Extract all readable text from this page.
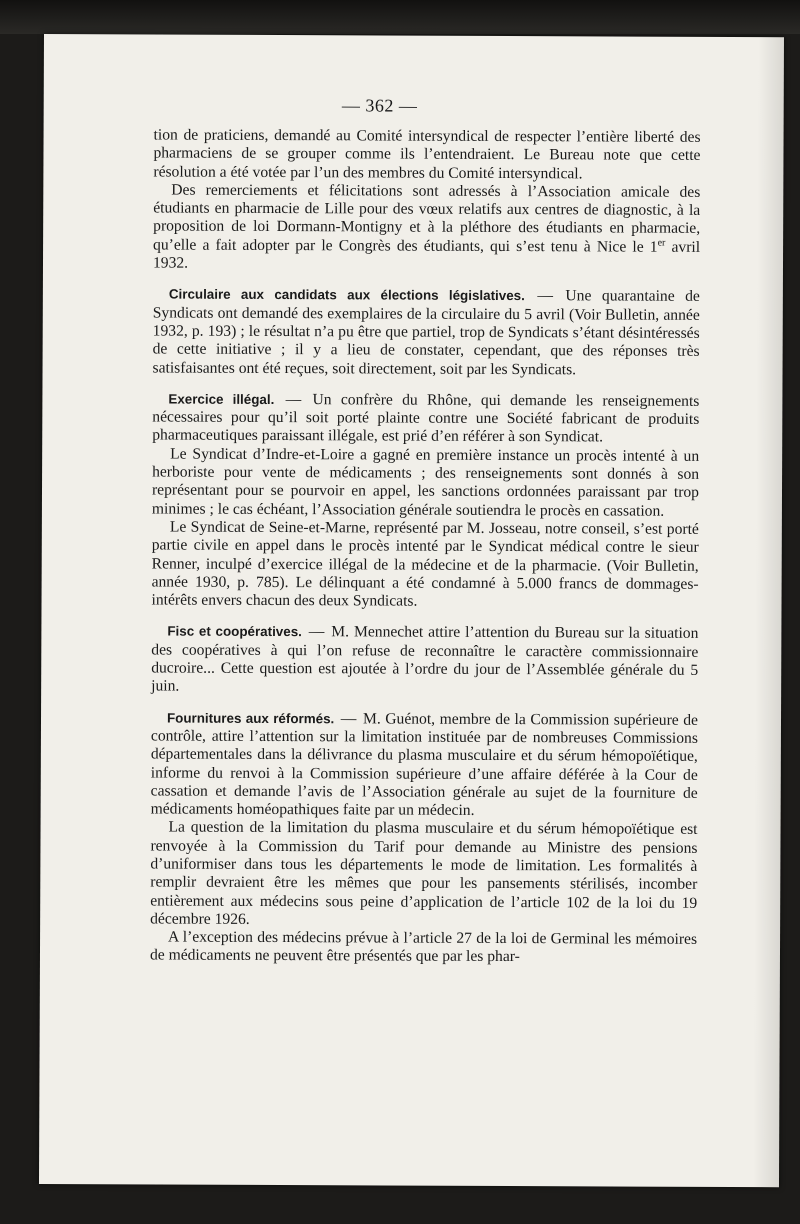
— 362 —

tion de praticiens, demandé au Comité intersyndical de respecter l’entière liberté des pharmaciens de se grouper comme ils l’entendraient. Le Bureau note que cette résolution a été votée par l’un des membres du Comité intersyndical.

Des remerciements et félicitations sont adressés à l’Association amicale des étudiants en pharmacie de Lille pour des vœux relatifs aux centres de diagnostic, à la proposition de loi Dormann-Montigny et à la pléthore des étudiants en pharmacie, qu’elle a fait adopter par le Congrès des étudiants, qui s’est tenu à Nice le 1er avril 1932.

Circulaire aux candidats aux élections législatives. — Une quarantaine de Syndicats ont demandé des exemplaires de la circulaire du 5 avril (Voir Bulletin, année 1932, p. 193) ; le résultat n’a pu être que partiel, trop de Syndicats s’étant désintéressés de cette initiative ; il y a lieu de constater, cependant, que des réponses très satisfaisantes ont été reçues, soit directement, soit par les Syndicats.

Exercice illégal. — Un confrère du Rhône, qui demande les renseignements nécessaires pour qu’il soit porté plainte contre une Société fabricant de produits pharmaceutiques paraissant illégale, est prié d’en référer à son Syndicat.

Le Syndicat d’Indre-et-Loire a gagné en première instance un procès intenté à un herboriste pour vente de médicaments ; des renseignements sont donnés à son représentant pour se pourvoir en appel, les sanctions ordonnées paraissant par trop minimes ; le cas échéant, l’Association générale soutiendra le procès en cassation.

Le Syndicat de Seine-et-Marne, représenté par M. Josseau, notre conseil, s’est porté partie civile en appel dans le procès intenté par le Syndicat médical contre le sieur Renner, inculpé d’exercice illégal de la médecine et de la pharmacie. (Voir Bulletin, année 1930, p. 785). Le délinquant a été condamné à 5.000 francs de dommages-intérêts envers chacun des deux Syndicats.

Fisc et coopératives. — M. Mennechet attire l’attention du Bureau sur la situation des coopératives à qui l’on refuse de reconnaître le caractère commissionnaire ducroire... Cette question est ajoutée à l’ordre du jour de l’Assemblée générale du 5 juin.

Fournitures aux réformés. — M. Guénot, membre de la Commission supérieure de contrôle, attire l’attention sur la limitation instituée par de nombreuses Commissions départementales dans la délivrance du plasma musculaire et du sérum hémopoïétique, informe du renvoi à la Commission supérieure d’une affaire déférée à la Cour de cassation et demande l’avis de l’Association générale au sujet de la fourniture de médicaments homéopathiques faite par un médecin.

La question de la limitation du plasma musculaire et du sérum hémopoïétique est renvoyée à la Commission du Tarif pour demande au Ministre des pensions d’uniformiser dans tous les départements le mode de limitation. Les formalités à remplir devraient être les mêmes que pour les pansements stérilisés, incomber entièrement aux médecins sous peine d’application de l’article 102 de la loi du 19 décembre 1926.

A l’exception des médecins prévue à l’article 27 de la loi de Germinal les mémoires de médicaments ne peuvent être présentés que par les phar-
